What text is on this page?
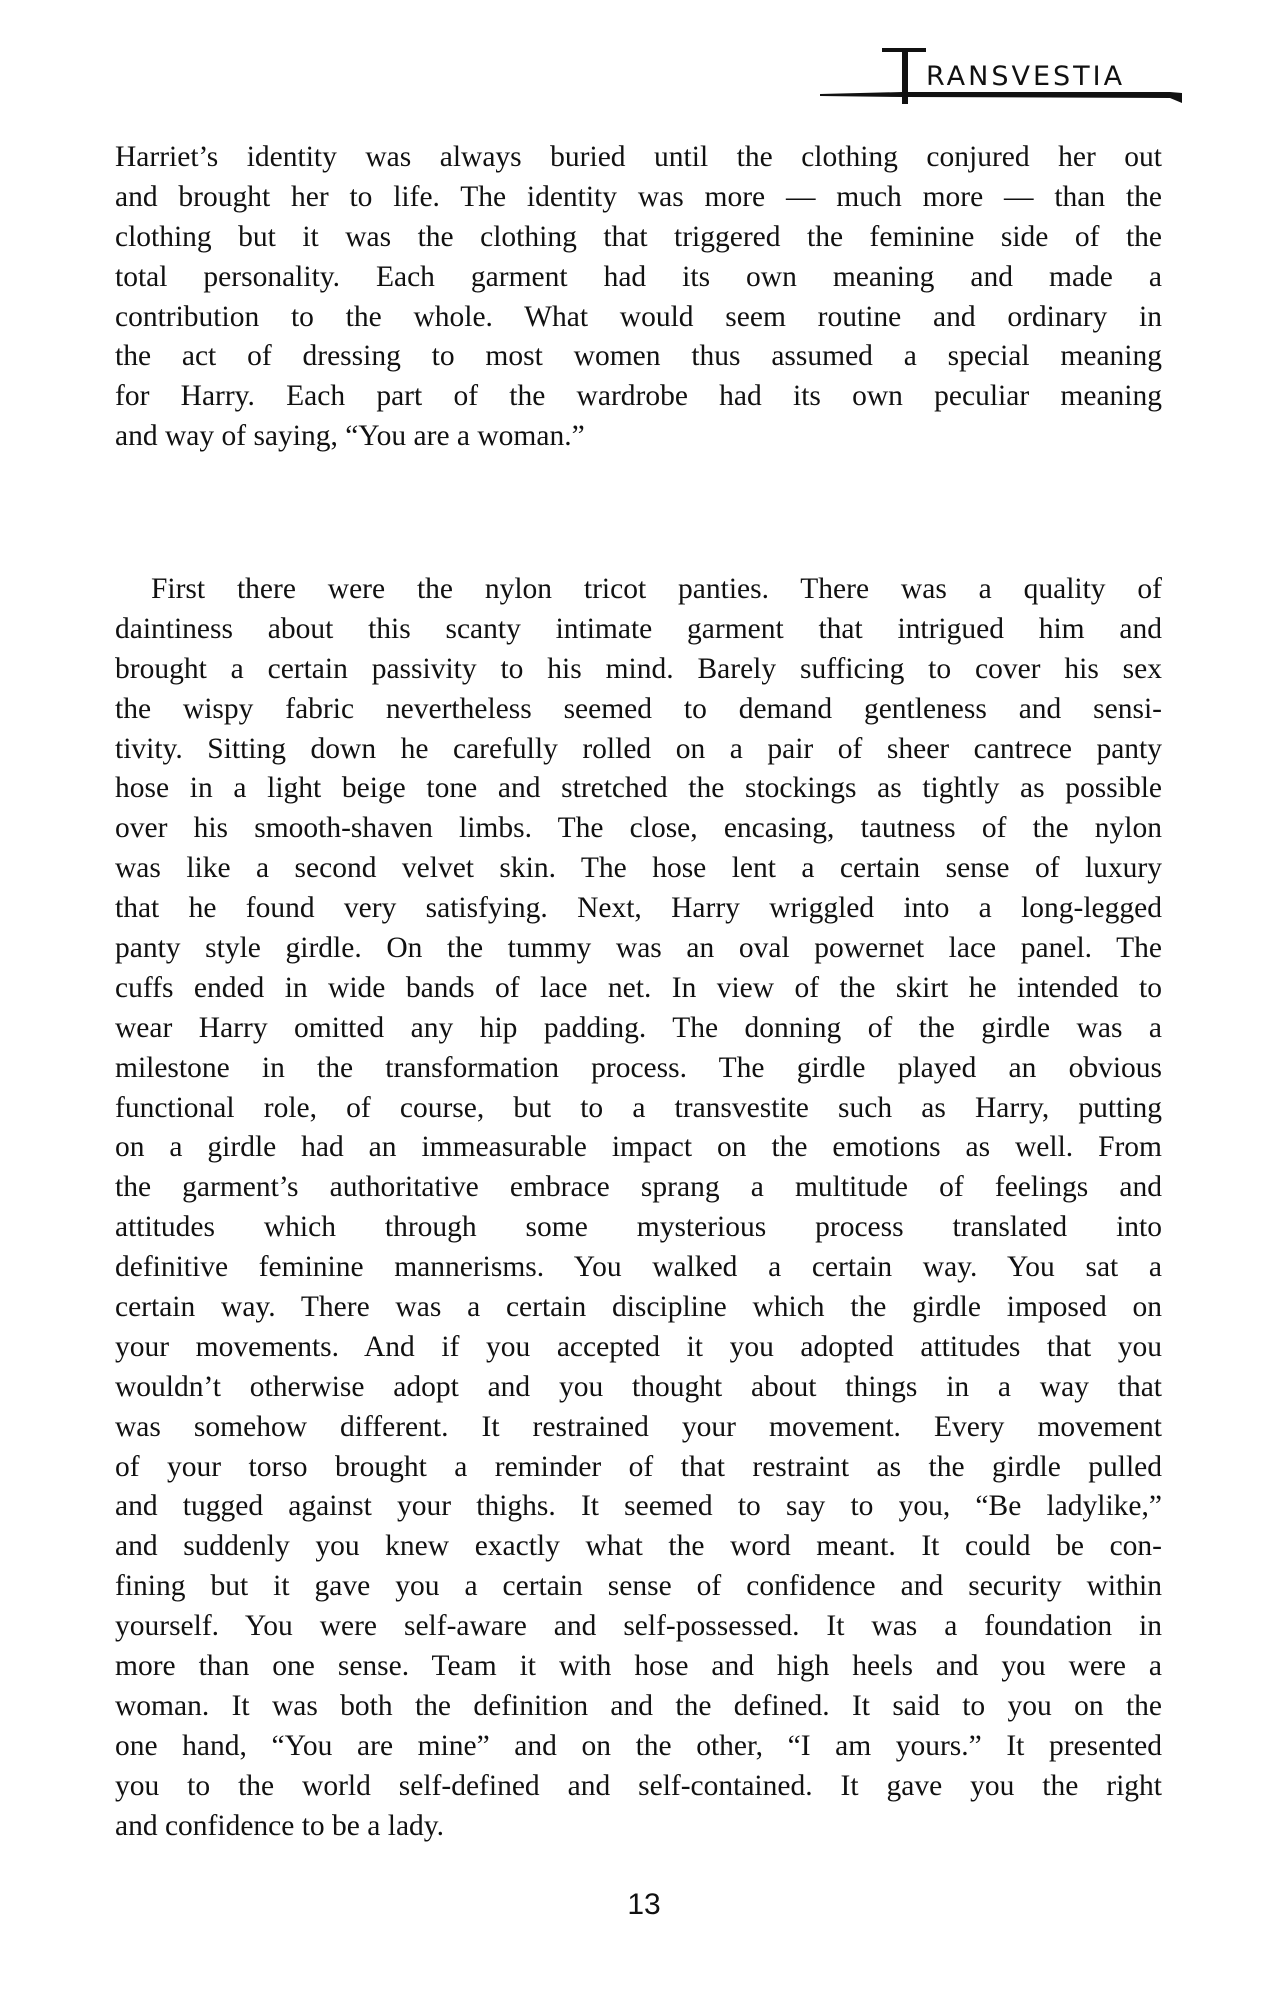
RANSVESTIA
Harriet’s identity was always buried until the clothing conjured her out
and brought her to life. The identity was more — much more — than the
clothing but it was the clothing that triggered the feminine side of the
total personality. Each garment had its own meaning and made a
contribution to the whole. What would seem routine and ordinary in
the act of dressing to most women thus assumed a special meaning
for Harry. Each part of the wardrobe had its own peculiar meaning
and way of saying, “You are a woman.”
First there were the nylon tricot panties. There was a quality of
daintiness about this scanty intimate garment that intrigued him and
brought a certain passivity to his mind. Barely sufficing to cover his sex
the wispy fabric nevertheless seemed to demand gentleness and sensi-
tivity. Sitting down he carefully rolled on a pair of sheer cantrece panty
hose in a light beige tone and stretched the stockings as tightly as possible
over his smooth-shaven limbs. The close, encasing, tautness of the nylon
was like a second velvet skin. The hose lent a certain sense of luxury
that he found very satisfying. Next, Harry wriggled into a long-legged
panty style girdle. On the tummy was an oval powernet lace panel. The
cuffs ended in wide bands of lace net. In view of the skirt he intended to
wear Harry omitted any hip padding. The donning of the girdle was a
milestone in the transformation process. The girdle played an obvious
functional role, of course, but to a transvestite such as Harry, putting
on a girdle had an immeasurable impact on the emotions as well. From
the garment’s authoritative embrace sprang a multitude of feelings and
attitudes which through some mysterious process translated into
definitive feminine mannerisms. You walked a certain way. You sat a
certain way. There was a certain discipline which the girdle imposed on
your movements. And if you accepted it you adopted attitudes that you
wouldn’t otherwise adopt and you thought about things in a way that
was somehow different. It restrained your movement. Every movement
of your torso brought a reminder of that restraint as the girdle pulled
and tugged against your thighs. It seemed to say to you, “Be ladylike,”
and suddenly you knew exactly what the word meant. It could be con-
fining but it gave you a certain sense of confidence and security within
yourself. You were self-aware and self-possessed. It was a foundation in
more than one sense. Team it with hose and high heels and you were a
woman. It was both the definition and the defined. It said to you on the
one hand, “You are mine” and on the other, “I am yours.” It presented
you to the world self-defined and self-contained. It gave you the right
and confidence to be a lady.
13
